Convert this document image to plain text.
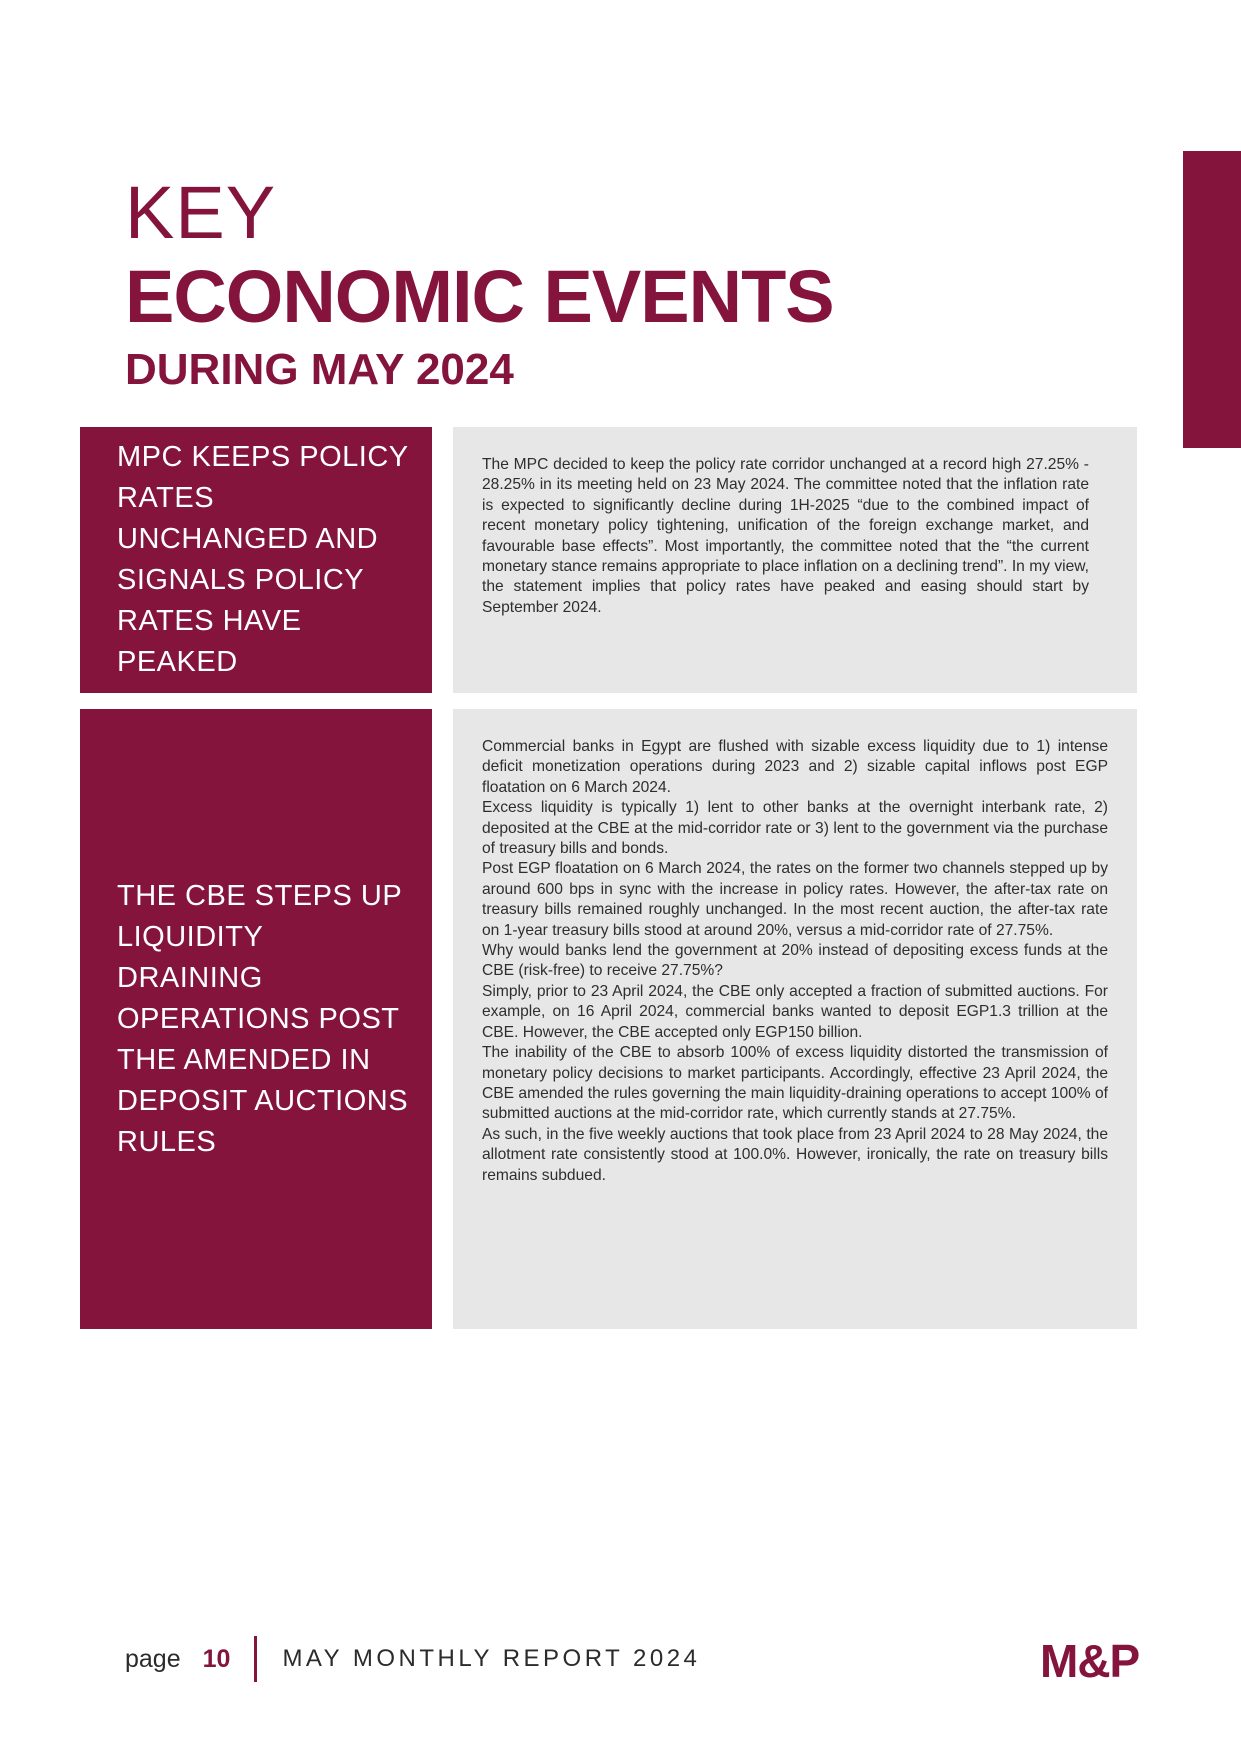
KEY
ECONOMIC EVENTS
DURING MAY 2024
MPC KEEPS POLICY RATES UNCHANGED AND SIGNALS POLICY RATES HAVE PEAKED

The MPC decided to keep the policy rate corridor unchanged at a record high 27.25% - 28.25% in its meeting held on 23 May 2024. The committee noted that the inflation rate is expected to significantly decline during 1H-2025 “due to the combined impact of recent monetary policy tightening, unification of the foreign exchange market, and favourable base effects”. Most importantly, the committee noted that the “the current monetary stance remains appropriate to place inflation on a declining trend”. In my view, the statement implies that policy rates have peaked and easing should start by September 2024.

THE CBE STEPS UP LIQUIDITY DRAINING OPERATIONS POST THE AMENDED IN DEPOSIT AUCTIONS RULES

Commercial banks in Egypt are flushed with sizable excess liquidity due to 1) intense deficit monetization operations during 2023 and 2) sizable capital inflows post EGP floatation on 6 March 2024.

Excess liquidity is typically 1) lent to other banks at the overnight interbank rate, 2) deposited at the CBE at the mid-corridor rate or 3) lent to the government via the purchase of treasury bills and bonds.

Post EGP floatation on 6 March 2024, the rates on the former two channels stepped up by around 600 bps in sync with the increase in policy rates. However, the after-tax rate on treasury bills remained roughly unchanged. In the most recent auction, the after-tax rate on 1-year treasury bills stood at around 20%, versus a mid-corridor rate of 27.75%.

Why would banks lend the government at 20% instead of depositing excess funds at the CBE (risk-free) to receive 27.75%?

Simply, prior to 23 April 2024, the CBE only accepted a fraction of submitted auctions. For example, on 16 April 2024, commercial banks wanted to deposit EGP1.3 trillion at the CBE. However, the CBE accepted only EGP150 billion.

The inability of the CBE to absorb 100% of excess liquidity distorted the transmission of monetary policy decisions to market participants. Accordingly, effective 23 April 2024, the CBE amended the rules governing the main liquidity-draining operations to accept 100% of submitted auctions at the mid-corridor rate, which currently stands at 27.75%.

As such, in the five weekly auctions that took place from 23 April 2024 to 28 May 2024, the allotment rate consistently stood at 100.0%. However, ironically, the rate on treasury bills remains subdued.

page 10 MAY MONTHLY REPORT 2024	M&P
